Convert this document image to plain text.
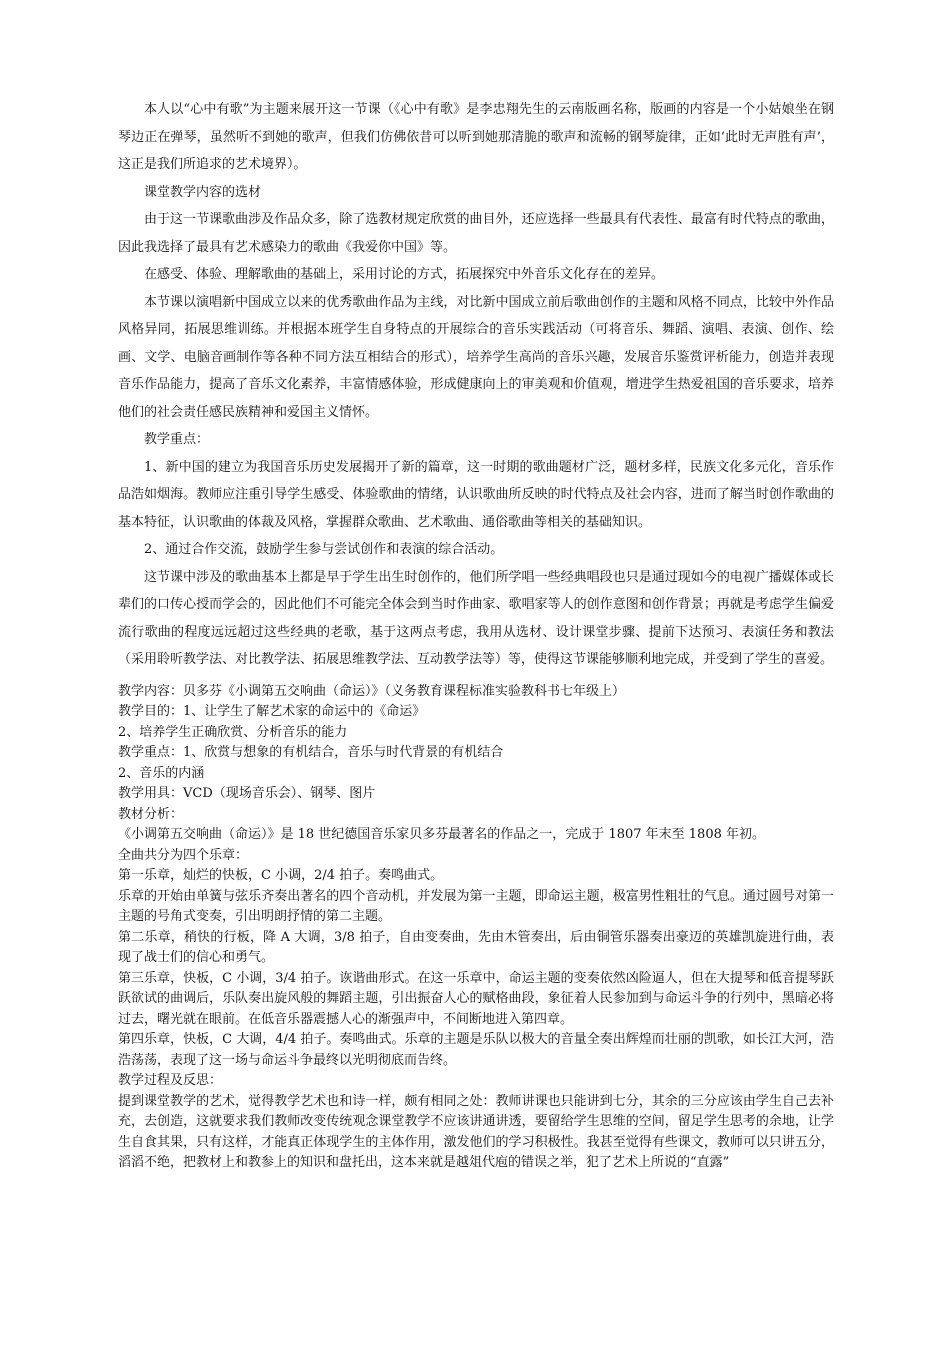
本人以“心中有歌”为主题来展开这一节课（《心中有歌》是李忠翔先生的云南版画名称，版画的内容是一个小姑娘坐在钢琴边正在弹琴，虽然听不到她的歌声，但我们仿佛依昔可以听到她那清脆的歌声和流畅的钢琴旋律，正如‘此时无声胜有声’，这正是我们所追求的艺术境界）。

课堂教学内容的选材

由于这一节课歌曲涉及作品众多，除了选教材规定欣赏的曲目外，还应选择一些最具有代表性、最富有时代特点的歌曲，因此我选择了最具有艺术感染力的歌曲《我爱你中国》等。

在感受、体验、理解歌曲的基础上，采用讨论的方式，拓展探究中外音乐文化存在的差异。

本节课以演唱新中国成立以来的优秀歌曲作品为主线，对比新中国成立前后歌曲创作的主题和风格不同点，比较中外作品风格异同，拓展思维训练。并根据本班学生自身特点的开展综合的音乐实践活动（可将音乐、舞蹈、演唱、表演、创作、绘画、文学、电脑音画制作等各种不同方法互相结合的形式），培养学生高尚的音乐兴趣，发展音乐鉴赏评析能力，创造并表现音乐作品能力，提高了音乐文化素养，丰富情感体验，形成健康向上的审美观和价值观，增进学生热爱祖国的音乐要求，培养他们的社会责任感民族精神和爱国主义情怀。

教学重点：

1、新中国的建立为我国音乐历史发展揭开了新的篇章，这一时期的歌曲题材广泛，题材多样，民族文化多元化，音乐作品浩如烟海。教师应注重引导学生感受、体验歌曲的情绪，认识歌曲所反映的时代特点及社会内容，进而了解当时创作歌曲的基本特征，认识歌曲的体裁及风格，掌握群众歌曲、艺术歌曲、通俗歌曲等相关的基础知识。

2、通过合作交流，鼓励学生参与尝试创作和表演的综合活动。

这节课中涉及的歌曲基本上都是早于学生出生时创作的，他们所学唱一些经典唱段也只是通过现如今的电视广播媒体或长辈们的口传心授而学会的，因此他们不可能完全体会到当时作曲家、歌唱家等人的创作意图和创作背景；再就是考虑学生偏爱流行歌曲的程度远远超过这些经典的老歌，基于这两点考虑，我用从选材、设计课堂步骤、提前下达预习、表演任务和教法（采用聆听教学法、对比教学法、拓展思维教学法、互动教学法等）等，使得这节课能够顺利地完成，并受到了学生的喜爱。

教学内容：贝多芬《小调第五交响曲（命运）》（义务教育课程标准实验教科书七年级上）

教学目的：1、让学生了解艺术家的命运中的《命运》

2、培养学生正确欣赏、分析音乐的能力

教学重点：1、欣赏与想象的有机结合，音乐与时代背景的有机结合

2、音乐的内涵

教学用具：VCD（现场音乐会）、钢琴、图片

教材分析：

《小调第五交响曲（命运）》是 18 世纪德国音乐家贝多芬最著名的作品之一，完成于 1807 年末至 1808 年初。

全曲共分为四个乐章：

第一乐章，灿烂的快板，C 小调，2/4 拍子。奏鸣曲式。

乐章的开始由单簧与弦乐齐奏出著名的四个音动机，并发展为第一主题，即命运主题，极富男性粗壮的气息。通过圆号对第一主题的号角式变奏，引出明朗抒情的第二主题。

第二乐章，稍快的行板，降 A 大调，3/8 拍子，自由变奏曲，先由木管奏出，后由铜管乐器奏出豪迈的英雄凯旋进行曲，表现了战士们的信心和勇气。

第三乐章，快板，C 小调，3/4 拍子。诙谐曲形式。在这一乐章中，命运主题的变奏依然凶险逼人，但在大提琴和低音提琴跃跃欲试的曲调后，乐队奏出旋风般的舞蹈主题，引出振奋人心的赋格曲段，象征着人民参加到与命运斗争的行列中，黑暗必将过去，曙光就在眼前。在低音乐器震撼人心的渐强声中，不间断地进入第四章。

第四乐章，快板，C 大调，4/4 拍子。奏鸣曲式。乐章的主题是乐队以极大的音量全奏出辉煌而壮丽的凯歌，如长江大河，浩浩荡荡，表现了这一场与命运斗争最终以光明彻底而告终。

教学过程及反思：

提到课堂教学的艺术，觉得教学艺术也和诗一样，颇有相同之处：教师讲课也只能讲到七分，其余的三分应该由学生自己去补充，去创造，这就要求我们教师改变传统观念课堂教学不应该讲通讲透，要留给学生思维的空间，留足学生思考的余地，让学生自食其果，只有这样，才能真正体现学生的主体作用，激发他们的学习积极性。我甚至觉得有些课文，教师可以只讲五分，滔滔不绝，把教材上和教参上的知识和盘托出，这本来就是越俎代庖的错误之举，犯了艺术上所说的“直露”
